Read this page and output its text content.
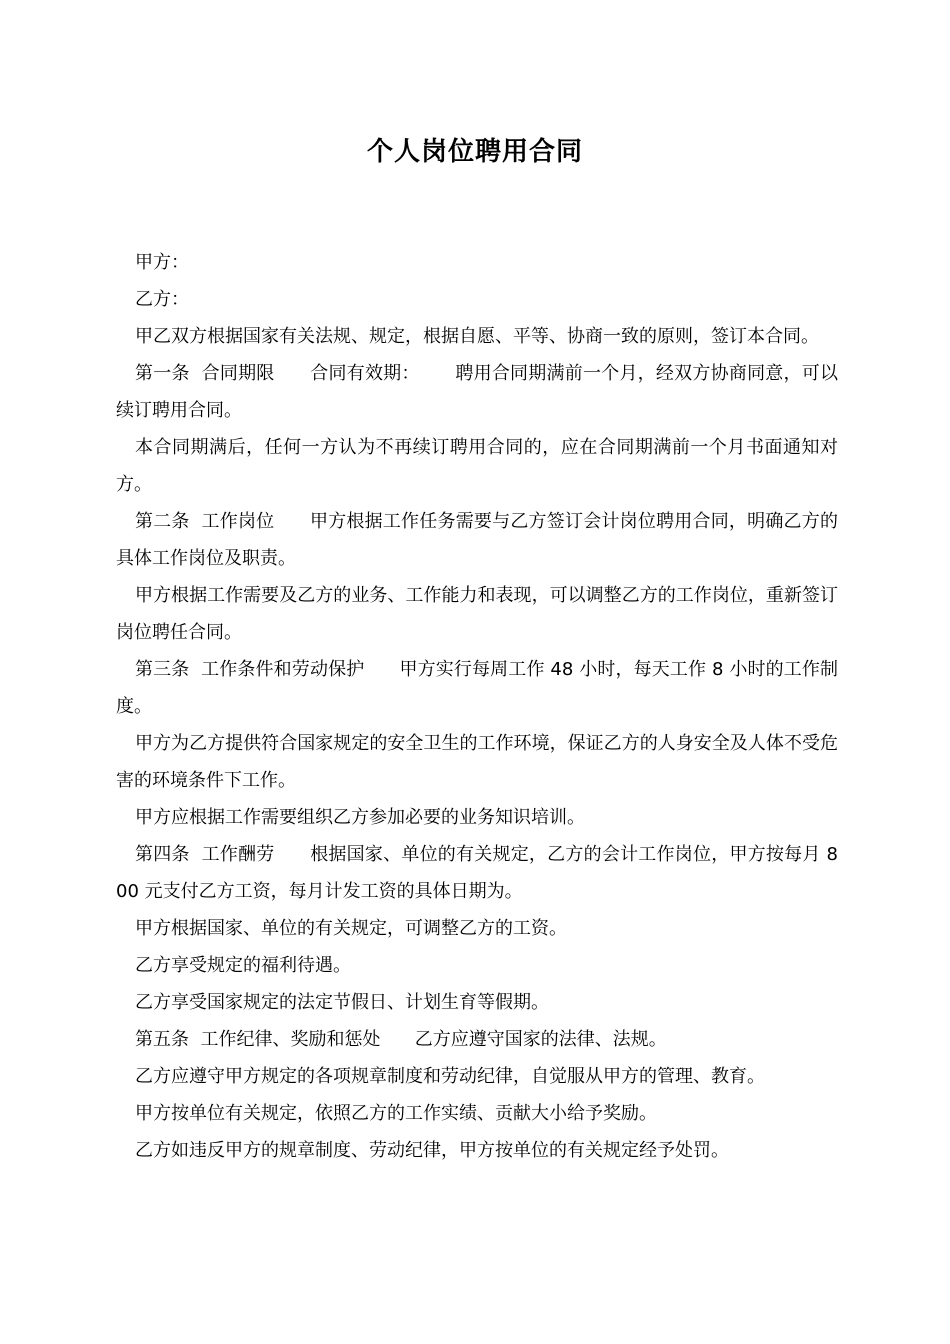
个人岗位聘用合同

甲方：

乙方：

甲乙双方根据国家有关法规、规定，根据自愿、平等、协商一致的原则，签订本合同。

第一条  合同期限      合同有效期：      聘用合同期满前一个月，经双方协商同意，可以续订聘用合同。

本合同期满后，任何一方认为不再续订聘用合同的，应在合同期满前一个月书面通知对方。

第二条  工作岗位      甲方根据工作任务需要与乙方签订会计岗位聘用合同，明确乙方的具体工作岗位及职责。

甲方根据工作需要及乙方的业务、工作能力和表现，可以调整乙方的工作岗位，重新签订岗位聘任合同。

第三条  工作条件和劳动保护      甲方实行每周工作 48 小时，每天工作 8 小时的工作制度。

甲方为乙方提供符合国家规定的安全卫生的工作环境，保证乙方的人身安全及人体不受危害的环境条件下工作。

甲方应根据工作需要组织乙方参加必要的业务知识培训。

第四条  工作酬劳      根据国家、单位的有关规定，乙方的会计工作岗位，甲方按每月 800 元支付乙方工资，每月计发工资的具体日期为。

甲方根据国家、单位的有关规定，可调整乙方的工资。

乙方享受规定的福利待遇。

乙方享受国家规定的法定节假日、计划生育等假期。

第五条  工作纪律、奖励和惩处      乙方应遵守国家的法律、法规。

乙方应遵守甲方规定的各项规章制度和劳动纪律，自觉服从甲方的管理、教育。

甲方按单位有关规定，依照乙方的工作实绩、贡献大小给予奖励。

乙方如违反甲方的规章制度、劳动纪律，甲方按单位的有关规定经予处罚。
